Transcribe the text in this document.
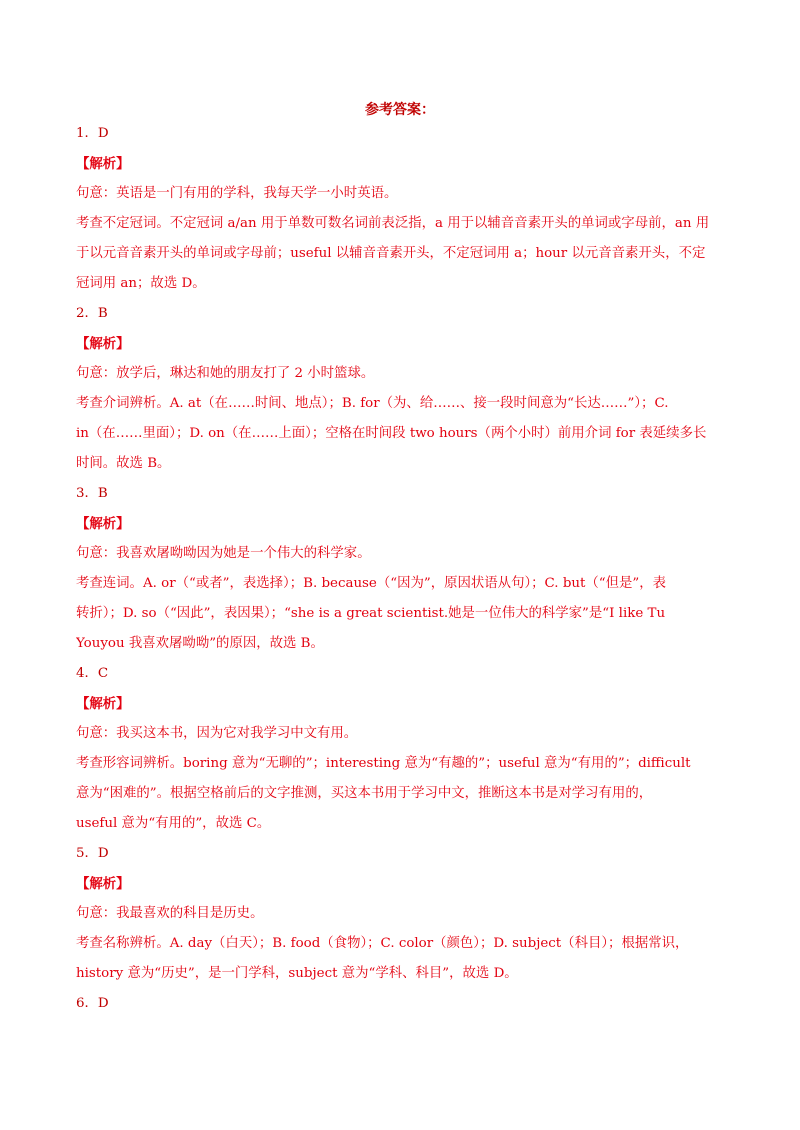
参考答案：
1．D
【解析】
句意：英语是一门有用的学科，我每天学一小时英语。
考查不定冠词。不定冠词 a/an 用于单数可数名词前表泛指，a 用于以辅音音素开头的单词或字母前，an 用
于以元音音素开头的单词或字母前；useful 以辅音音素开头，不定冠词用 a；hour 以元音音素开头，不定
冠词用 an；故选 D。
2．B
【解析】
句意：放学后，琳达和她的朋友打了 2 小时篮球。
考查介词辨析。A. at（在……时间、地点）；B. for（为、给……、接一段时间意为“长达……”）；C.
in（在……里面）；D. on（在……上面）；空格在时间段 two hours（两个小时）前用介词 for 表延续多长
时间。故选 B。
3．B
【解析】
句意：我喜欢屠呦呦因为她是一个伟大的科学家。
考查连词。A. or（“或者”，表选择）；B. because（“因为”，原因状语从句）；C. but（“但是”，表
转折）；D. so（“因此”，表因果）；“she is a great scientist.她是一位伟大的科学家”是“I like Tu
Youyou 我喜欢屠呦呦”的原因，故选 B。
4．C
【解析】
句意：我买这本书，因为它对我学习中文有用。
考查形容词辨析。boring 意为“无聊的”；interesting 意为“有趣的”；useful 意为“有用的”；difficult
意为“困难的”。根据空格前后的文字推测，买这本书用于学习中文，推断这本书是对学习有用的，
useful 意为“有用的”，故选 C。
5．D
【解析】
句意：我最喜欢的科目是历史。
考查名称辨析。A. day（白天）；B. food（食物）；C. color（颜色）；D. subject（科目）；根据常识，
history 意为“历史”，是一门学科，subject 意为“学科、科目”，故选 D。
6．D
